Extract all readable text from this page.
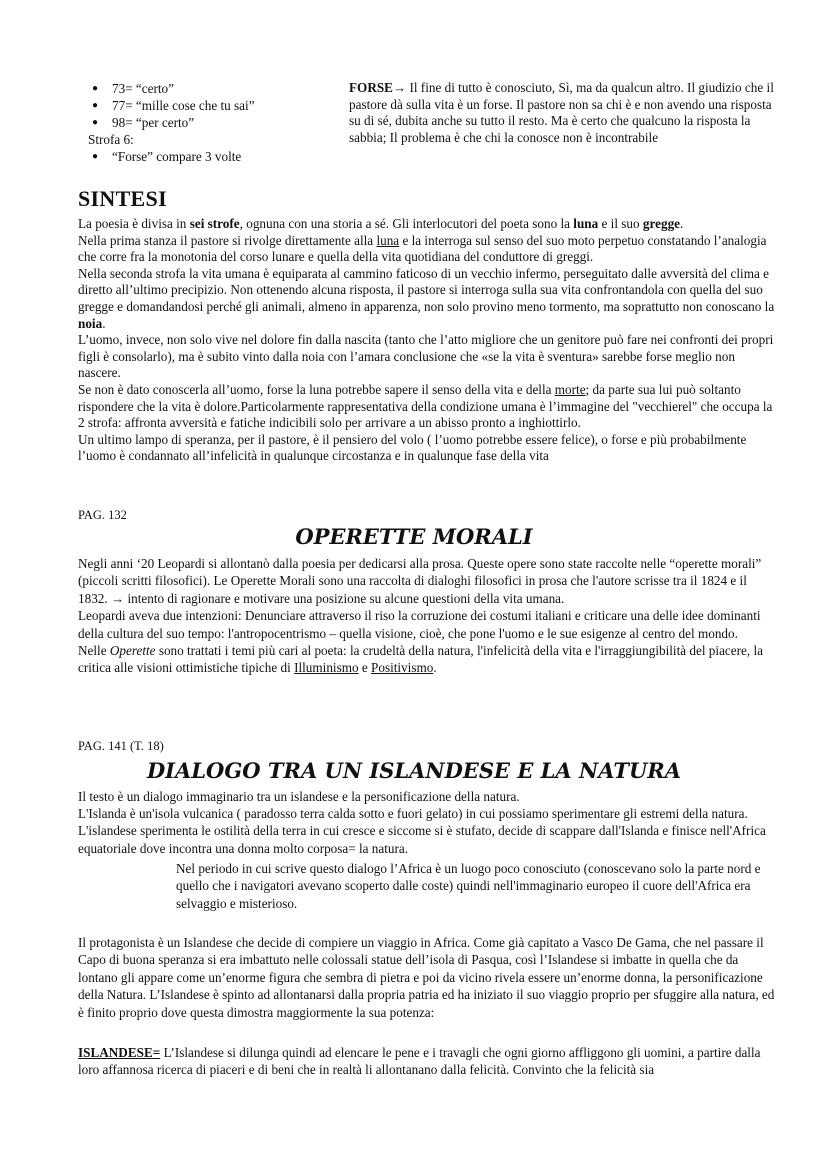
● 73= “certo”
● 77= “mille cose che tu sai”
● 98= “per certo”
Strofa 6:
● “Forse” compare 3 volte
FORSE→ Il fine di tutto è conosciuto, Sì, ma da qualcun altro. Il giudizio che il pastore dà sulla vita è un forse. Il pastore non sa chi è e non avendo una risposta su di sé, dubita anche su tutto il resto. Ma è certo che qualcuno la risposta la sabbia; Il problema è che chi la conosce non è incontrabile
SINTESI

La poesia è divisa in sei strofe, ognuna con una storia a sé. Gli interlocutori del poeta sono la luna e il suo gregge.

Nella prima stanza il pastore si rivolge direttamente alla luna e la interroga sul senso del suo moto perpetuo constatando l’analogia che corre fra la monotonia del corso lunare e quella della vita quotidiana del conduttore di greggi.

Nella seconda strofa la vita umana è equiparata al cammino faticoso di un vecchio infermo, perseguitato dalle avversità del clima e diretto all’ultimo precipizio. Non ottenendo alcuna risposta, il pastore si interroga sulla sua vita confrontandola con quella del suo gregge e domandandosi perché gli animali, almeno in apparenza, non solo provino meno tormento, ma soprattutto non conoscano la noia.

L’uomo, invece, non solo vive nel dolore fin dalla nascita (tanto che l’atto migliore che un genitore può fare nei confronti dei propri figli è consolarlo), ma è subito vinto dalla noia con l’amara conclusione che «se la vita è sventura» sarebbe forse meglio non nascere.

Se non è dato conoscerla all’uomo, forse la luna potrebbe sapere il senso della vita e della morte; da parte sua lui può soltanto rispondere che la vita è dolore.Particolarmente rappresentativa della condizione umana è l’immagine del "vecchierel" che occupa la 2 strofa: affronta avversità e fatiche indicibili solo per arrivare a un abisso pronto a inghiottirlo.

Un ultimo lampo di speranza, per il pastore, è il pensiero del volo ( l’uomo potrebbe essere felice), o forse e più probabilmente l’uomo è condannato all’infelicità in qualunque circostanza e in qualunque fase della vita

PAG. 132
OPERETTE MORALI

Negli anni ‘20 Leopardi si allontanò dalla poesia per dedicarsi alla prosa. Queste opere sono state raccolte nelle “operette morali” (piccoli scritti filosofici). Le Operette Morali sono una raccolta di dialoghi filosofici in prosa che l'autore scrisse tra il 1824 e il 1832. → intento di ragionare e motivare una posizione su alcune questioni della vita umana.

Leopardi aveva due intenzioni: Denunciare attraverso il riso la corruzione dei costumi italiani e criticare una delle idee dominanti della cultura del suo tempo: l'antropocentrismo – quella visione, cioè, che pone l'uomo e le sue esigenze al centro del mondo.

Nelle Operette sono trattati i temi più cari al poeta: la crudeltà della natura, l'infelicità della vita e l'irraggiungibilità del piacere, la critica alle visioni ottimistiche tipiche di Illuminismo e Positivismo.

PAG. 141 (T. 18)
DIALOGO TRA UN ISLANDESE E LA NATURA

Il testo è un dialogo immaginario tra un islandese e la personificazione della natura.

L'Islanda è un'isola vulcanica ( paradosso terra calda sotto e fuori gelato) in cui possiamo sperimentare gli estremi della natura. L'islandese sperimenta le ostilità della terra in cui cresce e siccome si è stufato, decide di scappare dall'Islanda e finisce nell'Africa equatoriale dove incontra una donna molto corposa= la natura.

Nel periodo in cui scrive questo dialogo l’Africa è un luogo poco conosciuto (conoscevano solo la parte nord e quello che i navigatori avevano scoperto dalle coste) quindi nell'immaginario europeo il cuore dell'Africa era selvaggio e misterioso.
Il protagonista è un Islandese che decide di compiere un viaggio in Africa. Come già capitato a Vasco De Gama, che nel passare il Capo di buona speranza si era imbattuto nelle colossali statue dell’isola di Pasqua, così l’Islandese si imbatte in quella che da lontano gli appare come un’enorme figura che sembra di pietra e poi da vicino rivela essere un’enorme donna, la personificazione della Natura. L’Islandese è spinto ad allontanarsi dalla propria patria ed ha iniziato il suo viaggio proprio per sfuggire alla natura, ed è finito proprio dove questa dimostra maggiormente la sua potenza:
ISLANDESE= L’Islandese si dilunga quindi ad elencare le pene e i travagli che ogni giorno affliggono gli uomini, a partire dalla loro affannosa ricerca di piaceri e di beni che in realtà li allontanano dalla felicità. Convinto che la felicità sia
